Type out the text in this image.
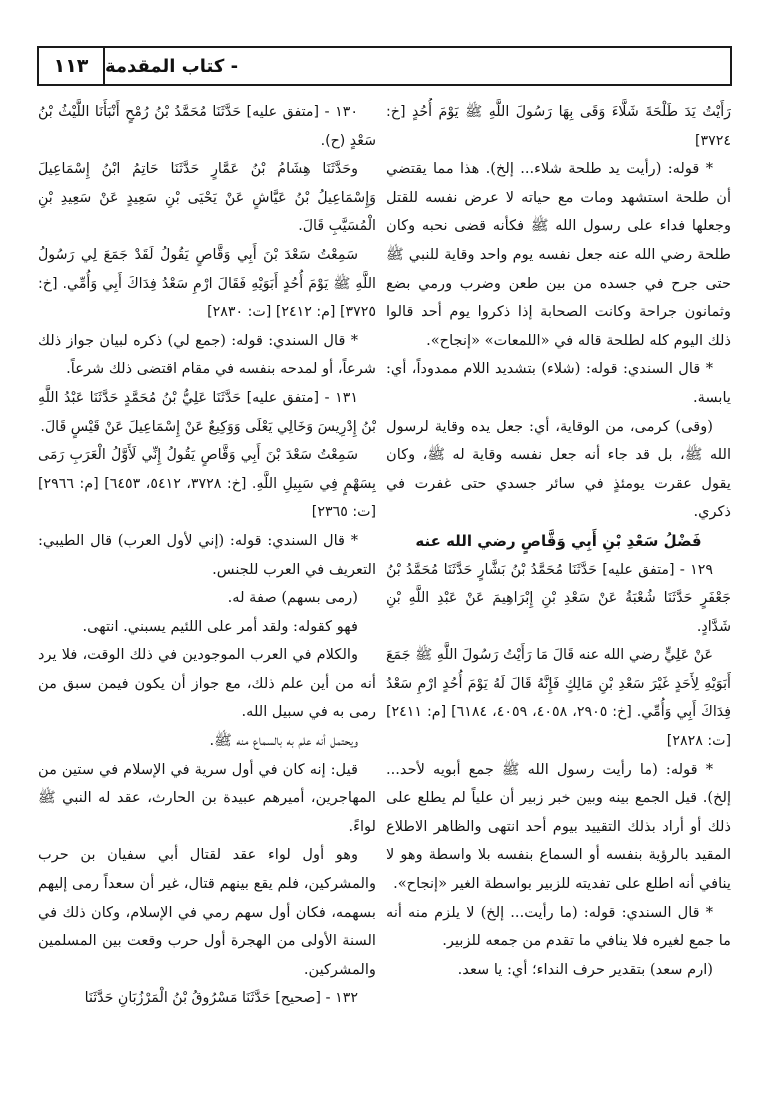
١١٣ - كتاب المقدمة

رَأَيْتُ يَدَ طَلْحَةَ شَلَّاءَ وَقَى بِهَا رَسُولَ اللَّهِ ﷺ يَوْمَ أُحُدٍ [خ: ٣٧٢٤]

* قوله: (رأيت يد طلحة شلاء... إلخ). هذا مما يقتضي أن طلحة استشهد ومات مع حياته لا عرض نفسه للقتل وجعلها فداء على رسول الله ﷺ فكأنه قضى نحبه وكان طلحة رضي الله عنه جعل نفسه يوم واحد وقاية للنبي ﷺ حتى جرح في جسده من بين طعن وضرب ورمي بضع وثمانون جراحة وكانت الصحابة إذا ذكروا يوم أحد قالوا ذلك اليوم كله لطلحة قاله في «اللمعات» «إنجاح».

* قال السندي: قوله: (شلاء) بتشديد اللام ممدوداً، أي: يابسة.

(وقى) كرمى، من الوقاية، أي: جعل يده وقاية لرسول الله ﷺ، بل قد جاء أنه جعل نفسه وقاية له ﷺ، وكان يقول عقرت يومئذٍ في سائر جسدي حتى غفرت في ذكري.

فَضْلُ سَعْدِ بْنِ أَبِي وَقَّاصٍ رضي الله عنه

١٢٩ - [متفق عليه] حَدَّثَنَا مُحَمَّدُ بْنُ بَشَّارٍ حَدَّثَنَا مُحَمَّدُ بْنُ جَعْفَرٍ حَدَّثَنَا شُعْبَةُ عَنْ سَعْدِ بْنِ إِبْرَاهِيمَ عَنْ عَبْدِ اللَّهِ بْنِ شَدَّادٍ.

عَنْ عَلِيٍّ رضي الله عنه قَالَ مَا رَأَيْتُ رَسُولَ اللَّهِ ﷺ جَمَعَ أَبَوَيْهِ لِأَحَدٍ غَيْرَ سَعْدِ بْنِ مَالِكٍ فَإِنَّهُ قَالَ لَهُ يَوْمَ أُحُدٍ ارْمِ سَعْدُ فِدَاكَ أَبِي وَأُمِّي. [خ: ٢٩٠٥، ٤٠٥٨، ٤٠٥٩، ٦١٨٤] [م: ٢٤١١] [ت: ٢٨٢٨]

* قوله: (ما رأيت رسول الله ﷺ جمع أبويه لأحد... إلخ). قيل الجمع بينه وبين خبر زبير أن علياً لم يطلع على ذلك أو أراد بذلك التقييد بيوم أحد انتهى والظاهر الاطلاع المقيد بالرؤية بنفسه أو السماع بنفسه بلا واسطة وهو لا ينافي أنه اطلع على تفديته للزبير بواسطة الغير «إنجاح».

* قال السندي: قوله: (ما رأيت... إلخ) لا يلزم منه أنه ما جمع لغيره فلا ينافي ما تقدم من جمعه للزبير.

(ارم سعد) بتقدير حرف النداء؛ أي: يا سعد.

١٣٠ - [متفق عليه] حَدَّثَنَا مُحَمَّدُ بْنُ رُمْحٍ أَنْبَأَنَا اللَّيْثُ بْنُ سَعْدٍ (ح).

وحَدَّثَنَا هِشَامُ بْنُ عَمَّارٍ حَدَّثَنَا حَاتِمُ ابْنُ إِسْمَاعِيلَ وَإِسْمَاعِيلُ بْنُ عَيَّاشٍ عَنْ يَحْيَى بْنِ سَعِيدٍ عَنْ سَعِيدِ بْنِ الْمُسَيَّبِ قَالَ.

سَمِعْتُ سَعْدَ بْنَ أَبِي وَقَّاصٍ يَقُولُ لَقَدْ جَمَعَ لِي رَسُولُ اللَّهِ ﷺ يَوْمَ أُحُدٍ أَبَوَيْهِ فَقَالَ ارْمِ سَعْدُ فِدَاكَ أَبِي وَأُمِّي. [خ: ٣٧٢٥] [م: ٢٤١٢] [ت: ٢٨٣٠]

* قال السندي: قوله: (جمع لي) ذكره لبيان جواز ذلك شرعاً، أو لمدحه بنفسه في مقام اقتضى ذلك شرعاً.

١٣١ - [متفق عليه] حَدَّثَنَا عَلِيُّ بْنُ مُحَمَّدٍ حَدَّثَنَا عَبْدُ اللَّهِ بْنُ إِدْرِيسَ وَخَالِي يَعْلَى وَوَكِيعٌ عَنْ إِسْمَاعِيلَ عَنْ قَيْسٍ قَالَ.

سَمِعْتُ سَعْدَ بْنَ أَبِي وَقَّاصٍ يَقُولُ إِنِّي لَأَوَّلُ الْعَرَبِ رَمَى بِسَهْمٍ فِي سَبِيلِ اللَّهِ. [خ: ٣٧٢٨، ٥٤١٢، ٦٤٥٣] [م: ٢٩٦٦] [ت: ٢٣٦٥]

* قال السندي: قوله: (إني لأول العرب) قال الطيبي: التعريف في العرب للجنس.

(رمى بسهم) صفة له.

فهو كقوله: ولقد أمر على اللئيم يسبني. انتهى.

والكلام في العرب الموجودين في ذلك الوقت، فلا يرد أنه من أين علم ذلك، مع جواز أن يكون فيمن سبق من رمى به في سبيل الله.

ويحتمل أنه علم به بالسماع منه ﷺ.

قيل: إنه كان في أول سرية في الإسلام في ستين من المهاجرين، أميرهم عبيدة بن الحارث، عقد له النبي ﷺ لواءً.

وهو أول لواء عقد لقتال أبي سفيان بن حرب والمشركين، فلم يقع بينهم قتال، غير أن سعداً رمى إليهم بسهمه، فكان أول سهم رمي في الإسلام، وكان ذلك في السنة الأولى من الهجرة أول حرب وقعت بين المسلمين والمشركين.

١٣٢ - [صحيح] حَدَّثَنَا مَسْرُوقُ بْنُ الْمَرْزُبَانِ حَدَّثَنَا
